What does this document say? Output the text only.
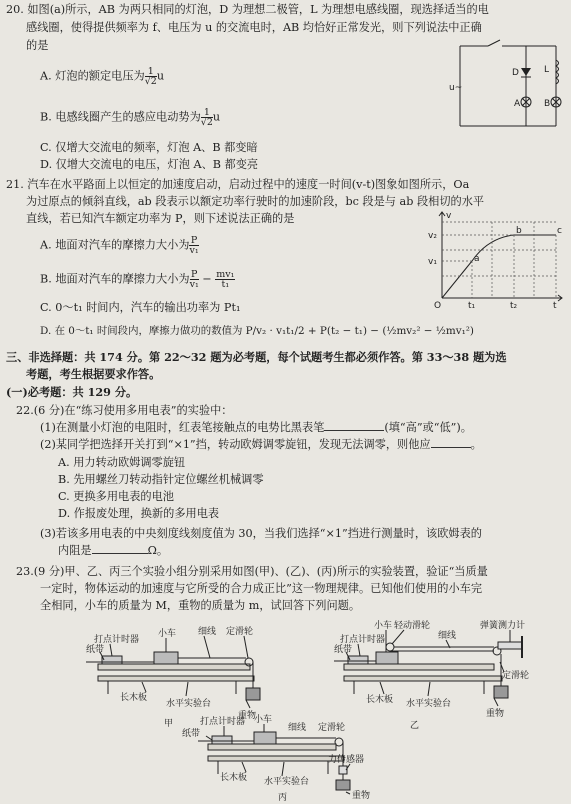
20. 如图(a)所示，AB 为两只相同的灯泡，D 为理想二极管，L 为理想电感线圈，现选择适当的电
感线圈，使得提供频率为 f、电压为 u 的交流电时，AB 均恰好正常发光，则下列说法中正确
的是
A. 灯泡的额定电压为 $\frac{1}{√2}$ u
B. 电感线圈产生的感应电动势为 $\frac{1}{√2}$ u
C. 仅增大交流电的频率，灯泡 A、B 都变暗
D. 仅增大交流电的电压，灯泡 A、B 都变亮
u~
D	L
A	B
21. 汽车在水平路面上以恒定的加速度启动，启动过程中的速度一时间(v-t)图象如图所示，Oa
为过原点的倾斜直线，ab 段表示以额定功率行驶时的加速阶段，bc 段是与 ab 段相切的水平
直线，若已知汽车额定功率为 P，则下述说法正确的是
A. 地面对汽车的摩擦力大小为 $\frac{P}{\text{v₁}}$
B. 地面对汽车的摩擦力大小为 $\frac{P}{\text{v₁}} - \frac{\text{mv₁}}{\text{t₁}}$
C. 0～t₁ 时间内，汽车的输出功率为 Pt₁
D. 在 0～t₁ 时间段内，摩擦力做功的数值为 P/v₂ · v₁t₁/2 + P(t₂ − t₁) − (½mv₂² − ½mv₁²)
v
v₂
v₁
O	t₁	t₂	t
a
b	c
三、非选择题：共 174 分。第 22～32 题为必考题，每个试题考生都必须作答。第 33～38 题为选
考题，考生根据要求作答。
(一)必考题：共 129 分。
22.(6 分)在“练习使用多用电表”的实验中：
(1)在测量小灯泡的电阻时，红表笔接触点的电势比黑表笔	(填“高”或“低”)。
(2)某同学把选择开关打到“×1”挡，转动欧姆调零旋钮，发现无法调零，则他应	。
A. 用力转动欧姆调零旋钮
B. 先用螺丝刀转动指针定位螺丝机械调零
C. 更换多用电表的电池
D. 作报废处理，换新的多用电表
(3)若该多用电表的中央刻度线刻度值为 30，当我们选择“×1”挡进行测量时，该欧姆表的
内阻是	Ω。
23.(9 分)甲、乙、丙三个实验小组分别采用如图(甲)、(乙)、(丙)所示的实验装置，验证“当质量
一定时，物体运动的加速度与它所受的合力成正比”这一物理规律。已知他们使用的小车完
全相同，小车的质量为 M，重物的质量为 m，试回答下列问题。
打点计时器
小车 细线 定滑轮
纸带
长木板
水平实验台
重物
甲
打点计时器
小车 轻动滑轮
细线
弹簧测力计
纸带
定滑轮
长木板 水平实验台
重物
乙
打点计时器 小车
细线 定滑轮
纸带
力传感器
长木板 水平实验台
重物
丙
